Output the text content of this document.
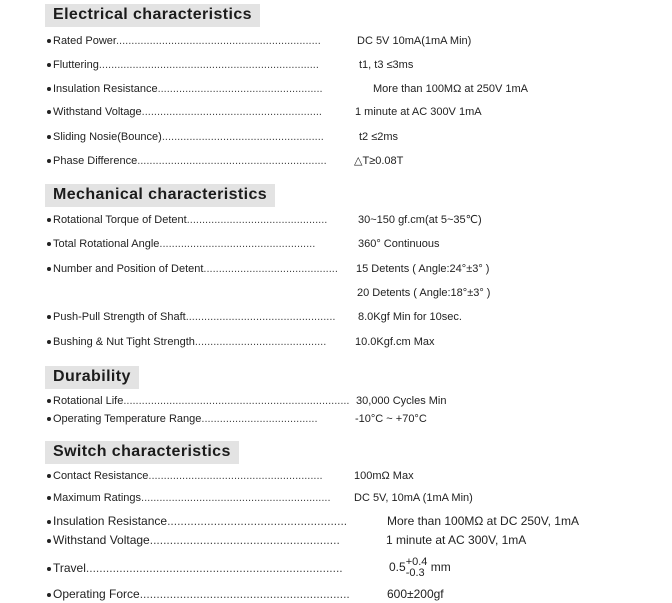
Electrical characteristics
Rated Power...................................................................	DC 5V 10mA(1mA Min)
Fluttering........................................................................	t1, t3 ≤3ms
Insulation Resistance......................................................	More than 100MΩ at 250V 1mA
Withstand Voltage...........................................................	1 minute at AC 300V 1mA
Sliding Nosie(Bounce).....................................................	t2 ≤2ms
Phase Difference.............................................................. △T≥0.08T
Mechanical characteristics
Rotational Torque of Detent..............................................	30~150 gf.cm(at 5~35℃)
Total Rotational Angle...................................................	360° Continuous
Number and Position of Detent............................................ 15 Detents ( Angle:24°±3° )
20 Detents ( Angle:18°±3° )
Push-Pull Strength of Shaft................................................. 8.0Kgf Min for 10sec.
Bushing & Nut Tight Strength...........................................	10.0Kgf.cm Max
Durability
Rotational Life.......................................................................... 30,000 Cycles Min
Operating Temperature Range......................................	-10°C ~ +70°C
Switch characteristics
Contact Resistance.........................................................	100mΩ Max
Maximum Ratings.............................................................. DC 5V, 10mA (1mA Min)
Insulation Resistance......................................................	More than 100MΩ at DC 250V, 1mA
Withstand Voltage.........................................................	1 minute at AC 300V, 1mA
Travel.............................................................................	0.5 +0.4
-0.3 mm
Operating Force...............................................................	600±200gf
